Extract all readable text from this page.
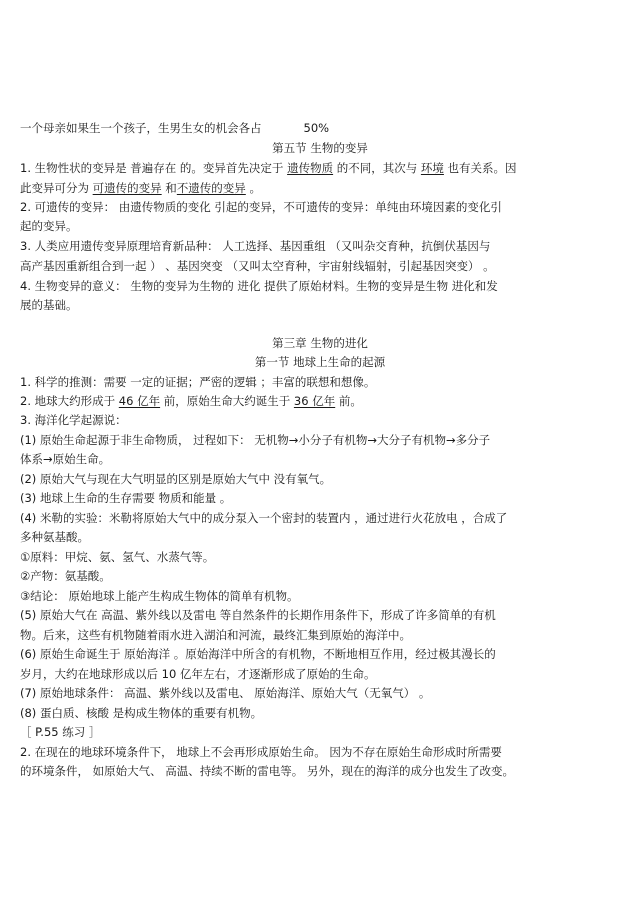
一个母亲如果生一个孩子，生男生女的机会各占	50%
第五节 生物的变异
1. 生物性状的变异是 普遍存在 的。变异首先决定于 遗传物质 的不同，其次与 环境 也有关系。因
此变异可分为 可遗传的变异 和不遗传的变异 。
2. 可遗传的变异： 由遗传物质的变化 引起的变异，不可遗传的变异：单纯由环境因素的变化引
起的变异。
3. 人类应用遗传变异原理培育新品种： 人工选择、基因重组 （又叫杂交育种，抗倒伏基因与
高产基因重新组合到一起 ） 、基因突变 （又叫太空育种，宇宙射线辐射，引起基因突变） 。
4. 生物变异的意义： 生物的变异为生物的 进化 提供了原始材料。生物的变异是生物 进化和发
展的基础。
第三章 生物的进化
第一节 地球上生命的起源
1. 科学的推测：需要 一定的证据；严密的逻辑 ；丰富的联想和想像。
2. 地球大约形成于 46 亿年 前，原始生命大约诞生于 36 亿年 前。
3. 海洋化学起源说：
(1) 原始生命起源于非生命物质， 过程如下： 无机物→小分子有机物→大分子有机物→多分子
体系→原始生命。
(2) 原始大气与现在大气明显的区别是原始大气中 没有氧气。
(3) 地球上生命的生存需要 物质和能量 。
(4) 米勒的实验：米勒将原始大气中的成分泵入一个密封的装置内 ，通过进行火花放电 ，合成了
多种氨基酸。
①原料：甲烷、氨、氢气、水蒸气等。
②产物：氨基酸。
③结论： 原始地球上能产生构成生物体的简单有机物。
(5) 原始大气在 高温、紫外线以及雷电 等自然条件的长期作用条件下，形成了许多简单的有机
物。后来，这些有机物随着雨水进入湖泊和河流，最终汇集到原始的海洋中。
(6) 原始生命诞生于 原始海洋 。原始海洋中所含的有机物，不断地相互作用，经过极其漫长的
岁月，大约在地球形成以后 10 亿年左右，才逐渐形成了原始的生命。
(7) 原始地球条件： 高温、紫外线以及雷电、 原始海洋、原始大气（无氧气） 。
(8) 蛋白质、核酸 是构成生物体的重要有机物。
［ P.55 练习 ］
2. 在现在的地球环境条件下， 地球上不会再形成原始生命。 因为不存在原始生命形成时所需要
的环境条件， 如原始大气、 高温、持续不断的雷电等。 另外，现在的海洋的成分也发生了改变。
